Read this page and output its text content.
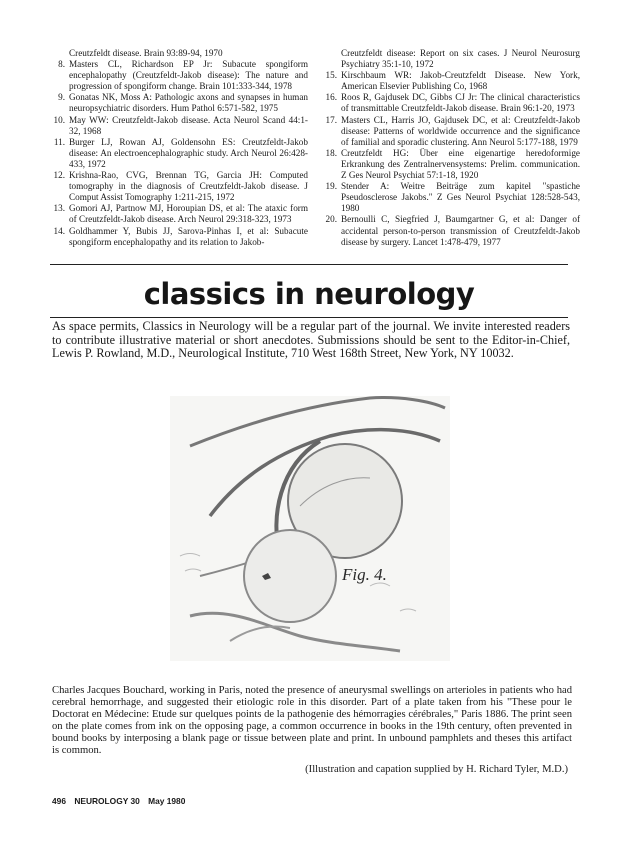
Creutzfeldt disease. Brain 93:89-94, 1970
8. Masters CL, Richardson EP Jr: Subacute spongiform encephalopathy (Creutzfeldt-Jakob disease): The nature and progression of spongiform change. Brain 101:333-344, 1978
9. Gonatas NK, Moss A: Pathologic axons and synapses in human neuropsychiatric disorders. Hum Pathol 6:571-582, 1975
10. May WW: Creutzfeldt-Jakob disease. Acta Neurol Scand 44:1-32, 1968
11. Burger LJ, Rowan AJ, Goldensohn ES: Creutzfeldt-Jakob disease: An electroencephalographic study. Arch Neurol 26:428-433, 1972
12. Krishna-Rao, CVG, Brennan TG, Garcia JH: Computed tomography in the diagnosis of Creutzfeldt-Jakob disease. J Comput Assist Tomography 1:211-215, 1972
13. Gomori AJ, Partnow MJ, Horoupian DS, et al: The ataxic form of Creutzfeldt-Jakob disease. Arch Neurol 29:318-323, 1973
14. Goldhammer Y, Bubis JJ, Sarova-Pinhas I, et al: Subacute spongiform encephalopathy and its relation to Jakob-
Creutzfeldt disease: Report on six cases. J Neurol Neurosurg Psychiatry 35:1-10, 1972
15. Kirschbaum WR: Jakob-Creutzfeldt Disease. New York, American Elsevier Publishing Co, 1968
16. Roos R, Gajdusek DC, Gibbs CJ Jr: The clinical characteristics of transmittable Creutzfeldt-Jakob disease. Brain 96:1-20, 1973
17. Masters CL, Harris JO, Gajdusek DC, et al: Creutzfeldt-Jakob disease: Patterns of worldwide occurrence and the significance of familial and sporadic clustering. Ann Neurol 5:177-188, 1979
18. Creutzfeldt HG: Über eine eigenartige heredoformige Erkrankung des Zentralnervensystems: Prelim. communication. Z Ges Neurol Psychiat 57:1-18, 1920
19. Stender A: Weitre Beiträge zum kapitel "spastiche Pseudosclerose Jakobs." Z Ges Neurol Psychiat 128:528-543, 1980
20. Bernoulli C, Siegfried J, Baumgartner G, et al: Danger of accidental person-to-person transmission of Creutzfeldt-Jakob disease by surgery. Lancet 1:478-479, 1977
classics in neurology
As space permits, Classics in Neurology will be a regular part of the journal. We invite interested readers to contribute illustrative material or short anecdotes. Submissions should be sent to the Editor-in-Chief, Lewis P. Rowland, M.D., Neurological Institute, 710 West 168th Street, New York, NY 10032.
Fig. 4.
Charles Jacques Bouchard, working in Paris, noted the presence of aneurysmal swellings on arterioles in patients who had cerebral hemorrhage, and suggested their etiologic role in this disorder. Part of a plate taken from his "These pour le Doctorat en Médecine: Etude sur quelques points de la pathogenie des hémorragies cérébrales," Paris 1886. The print seen on the plate comes from ink on the opposing page, a common occurrence in books in the 19th century, often prevented in bound books by interposing a blank page or tissue between plate and print. In unbound pamphlets and theses this artifact is common.
(Illustration and capation supplied by H. Richard Tyler, M.D.)
496 NEUROLOGY 30 May 1980
